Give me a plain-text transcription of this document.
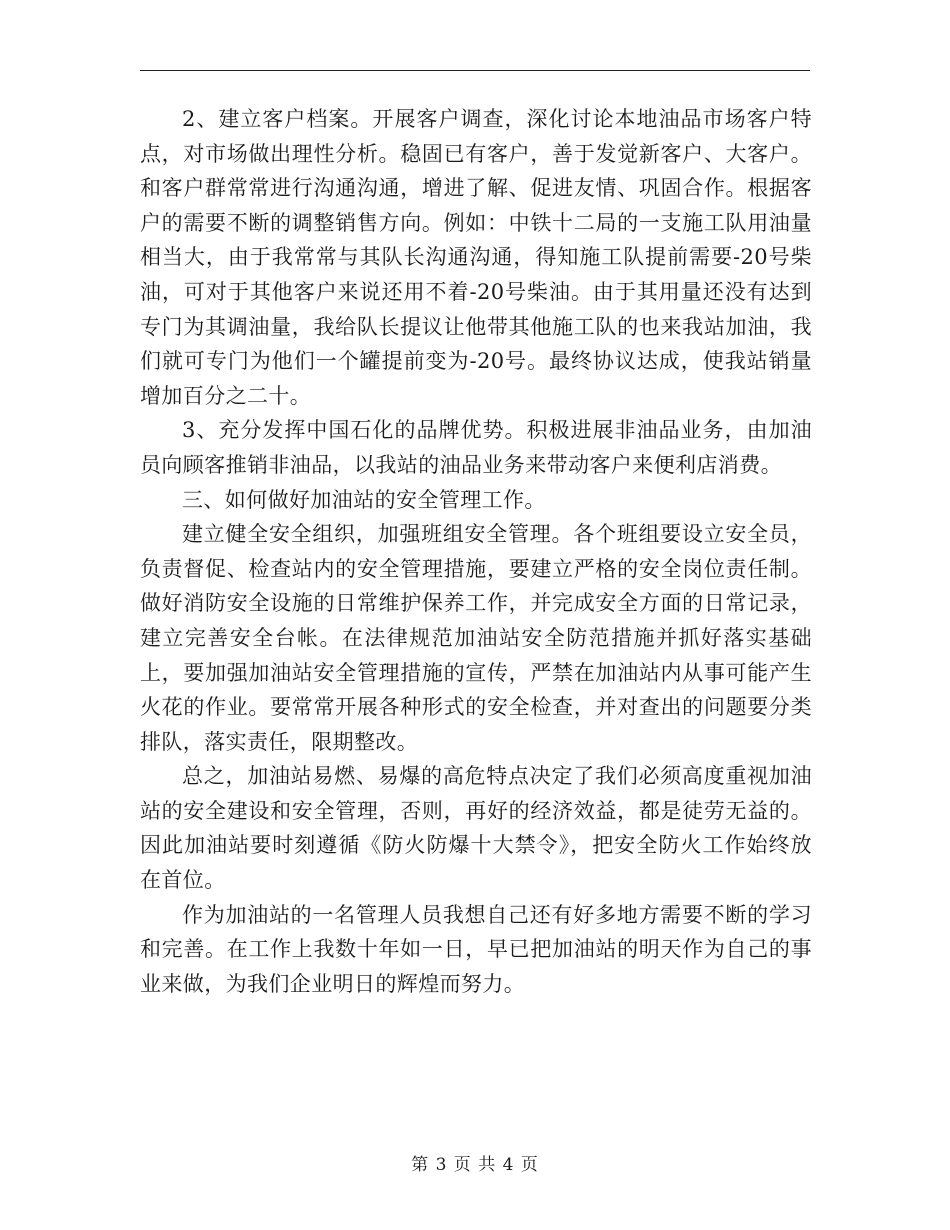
2、建立客户档案。开展客户调查，深化讨论本地油品市场客户特点，对市场做出理性分析。稳固已有客户，善于发觉新客户、大客户。和客户群常常进行沟通沟通，增进了解、促进友情、巩固合作。根据客户的需要不断的调整销售方向。例如：中铁十二局的一支施工队用油量相当大，由于我常常与其队长沟通沟通，得知施工队提前需要-20号柴油，可对于其他客户来说还用不着-20号柴油。由于其用量还没有达到专门为其调油量，我给队长提议让他带其他施工队的也来我站加油，我们就可专门为他们一个罐提前变为-20号。最终协议达成，使我站销量增加百分之二十。

3、充分发挥中国石化的品牌优势。积极进展非油品业务，由加油员向顾客推销非油品，以我站的油品业务来带动客户来便利店消费。

三、如何做好加油站的安全管理工作。

建立健全安全组织，加强班组安全管理。各个班组要设立安全员，负责督促、检查站内的安全管理措施，要建立严格的安全岗位责任制。做好消防安全设施的日常维护保养工作，并完成安全方面的日常记录，建立完善安全台帐。在法律规范加油站安全防范措施并抓好落实基础上，要加强加油站安全管理措施的宣传，严禁在加油站内从事可能产生火花的作业。要常常开展各种形式的安全检查，并对查出的问题要分类排队，落实责任，限期整改。

总之，加油站易燃、易爆的高危特点决定了我们必须高度重视加油站的安全建设和安全管理，否则，再好的经济效益，都是徒劳无益的。因此加油站要时刻遵循《防火防爆十大禁令》，把安全防火工作始终放在首位。

作为加油站的一名管理人员我想自己还有好多地方需要不断的学习和完善。在工作上我数十年如一日，早已把加油站的明天作为自己的事业来做，为我们企业明日的辉煌而努力。

第 3 页 共 4 页
